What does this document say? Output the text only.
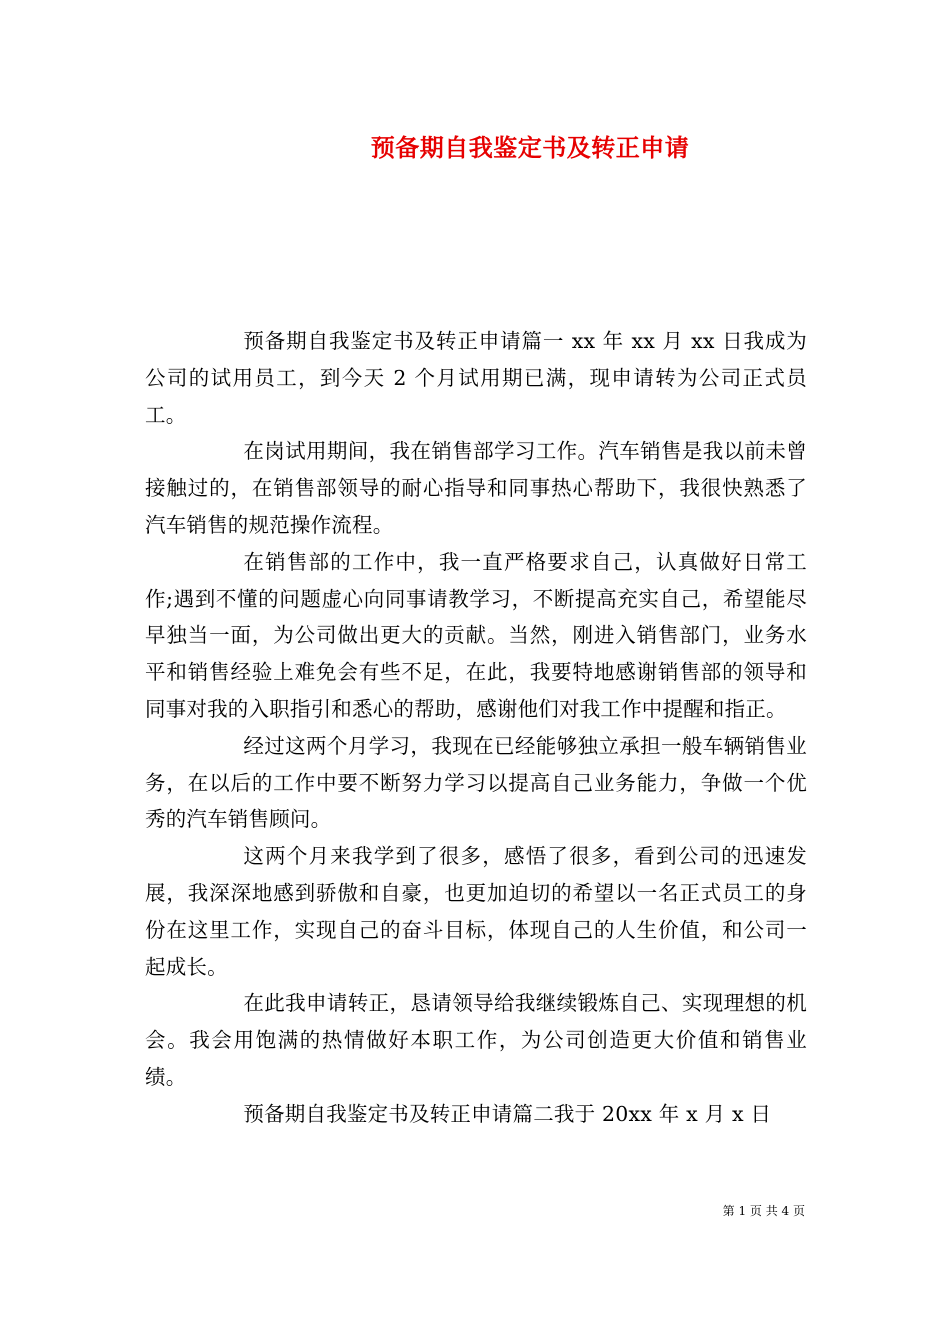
预备期自我鉴定书及转正申请

预备期自我鉴定书及转正申请篇一 xx 年 xx 月 xx 日我成为公司的试用员工，到今天 2 个月试用期已满，现申请转为公司正式员工。

在岗试用期间，我在销售部学习工作。汽车销售是我以前未曾接触过的，在销售部领导的耐心指导和同事热心帮助下，我很快熟悉了汽车销售的规范操作流程。

在销售部的工作中，我一直严格要求自己，认真做好日常工作;遇到不懂的问题虚心向同事请教学习，不断提高充实自己，希望能尽早独当一面，为公司做出更大的贡献。当然，刚进入销售部门，业务水平和销售经验上难免会有些不足，在此，我要特地感谢销售部的领导和同事对我的入职指引和悉心的帮助，感谢他们对我工作中提醒和指正。

经过这两个月学习，我现在已经能够独立承担一般车辆销售业务，在以后的工作中要不断努力学习以提高自己业务能力，争做一个优秀的汽车销售顾问。

这两个月来我学到了很多，感悟了很多，看到公司的迅速发展，我深深地感到骄傲和自豪，也更加迫切的希望以一名正式员工的身份在这里工作，实现自己的奋斗目标，体现自己的人生价值，和公司一起成长。

在此我申请转正，恳请领导给我继续锻炼自己、实现理想的机会。我会用饱满的热情做好本职工作，为公司创造更大价值和销售业绩。

预备期自我鉴定书及转正申请篇二我于 20xx 年 x 月 x 日

第 1 页 共 4 页
